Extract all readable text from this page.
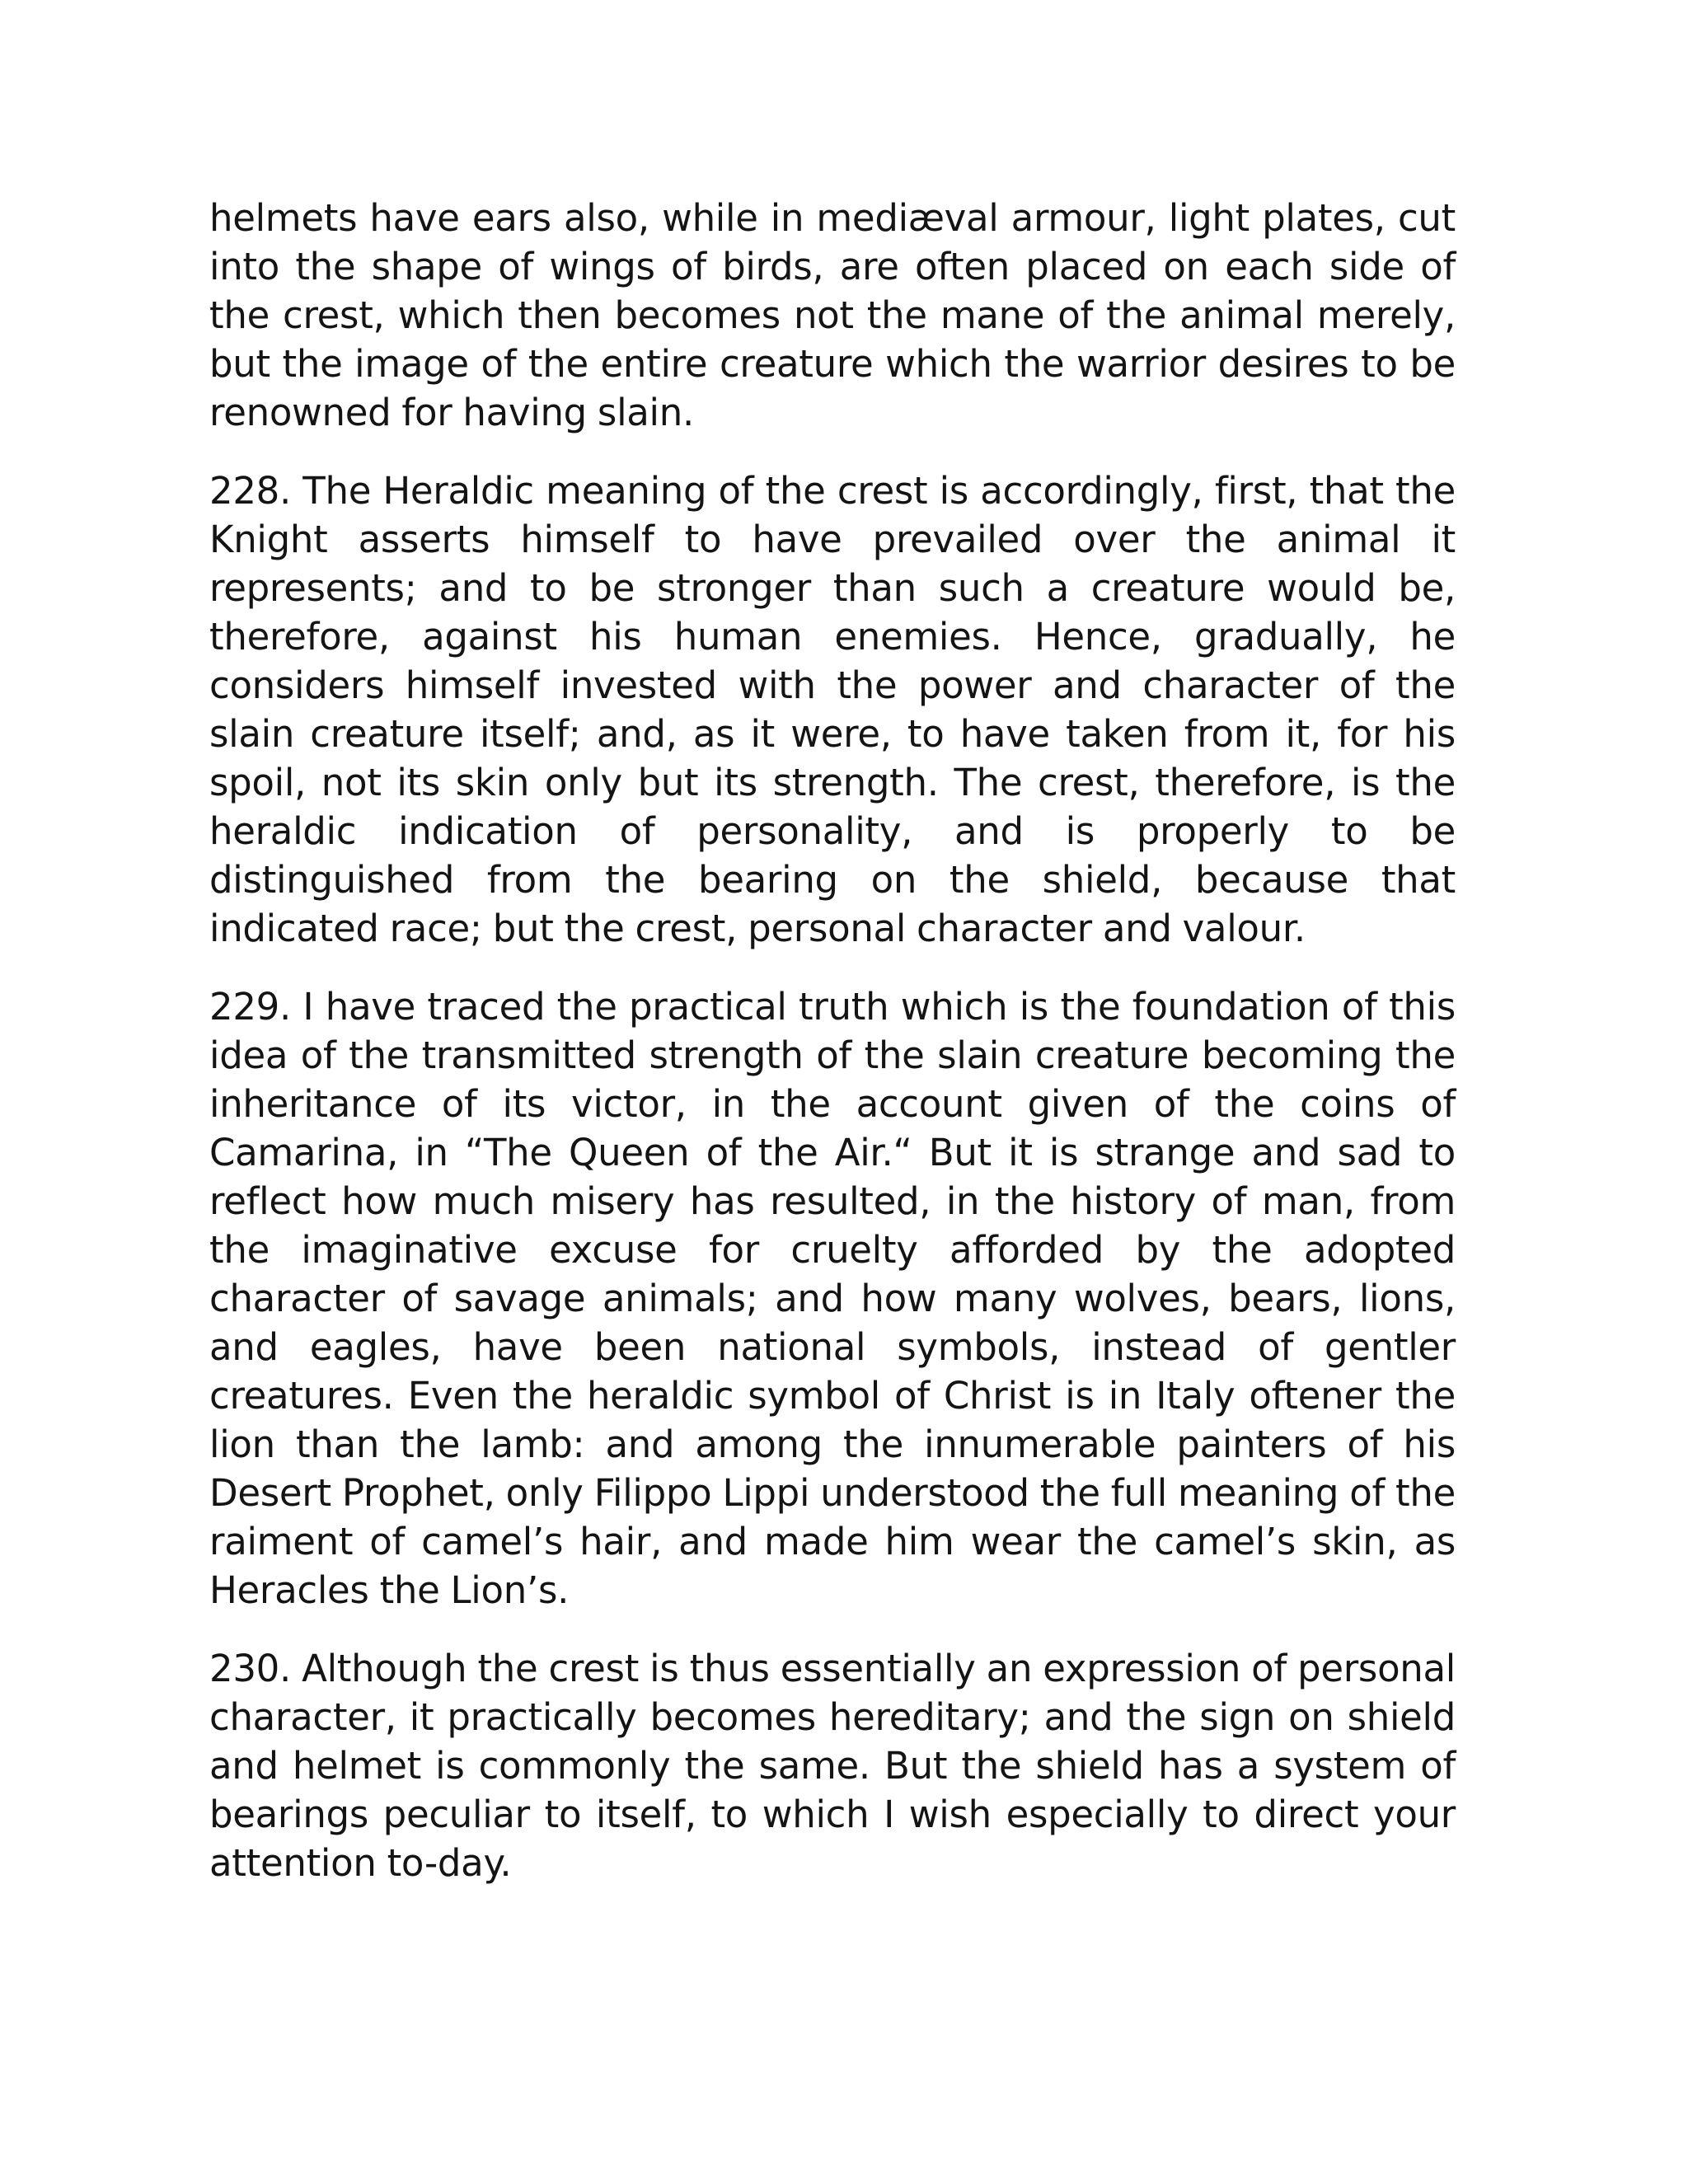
helmets have ears also, while in mediæval armour, light plates, cut into the shape of wings of birds, are often placed on each side of the crest, which then becomes not the mane of the animal merely, but the image of the entire creature which the warrior desires to be renowned for having slain.

228. The Heraldic meaning of the crest is accordingly, first, that the Knight asserts himself to have prevailed over the animal it represents; and to be stronger than such a creature would be, therefore, against his human enemies. Hence, gradually, he considers himself invested with the power and character of the slain creature itself; and, as it were, to have taken from it, for his spoil, not its skin only but its strength. The crest, therefore, is the heraldic indication of personality, and is properly to be distinguished from the bearing on the shield, because that indicated race; but the crest, personal character and valour.

229. I have traced the practical truth which is the foundation of this idea of the transmitted strength of the slain creature becoming the inheritance of its victor, in the account given of the coins of Camarina, in “The Queen of the Air.“ But it is strange and sad to reflect how much misery has resulted, in the history of man, from the imaginative excuse for cruelty afforded by the adopted character of savage animals; and how many wolves, bears, lions, and eagles, have been national symbols, instead of gentler creatures. Even the heraldic symbol of Christ is in Italy oftener the lion than the lamb: and among the innumerable painters of his Desert Prophet, only Filippo Lippi understood the full meaning of the raiment of camel’s hair, and made him wear the camel’s skin, as Heracles the Lion’s.

230. Although the crest is thus essentially an expression of personal character, it practically becomes hereditary; and the sign on shield and helmet is commonly the same. But the shield has a system of bearings peculiar to itself, to which I wish especially to direct your attention to-day.
